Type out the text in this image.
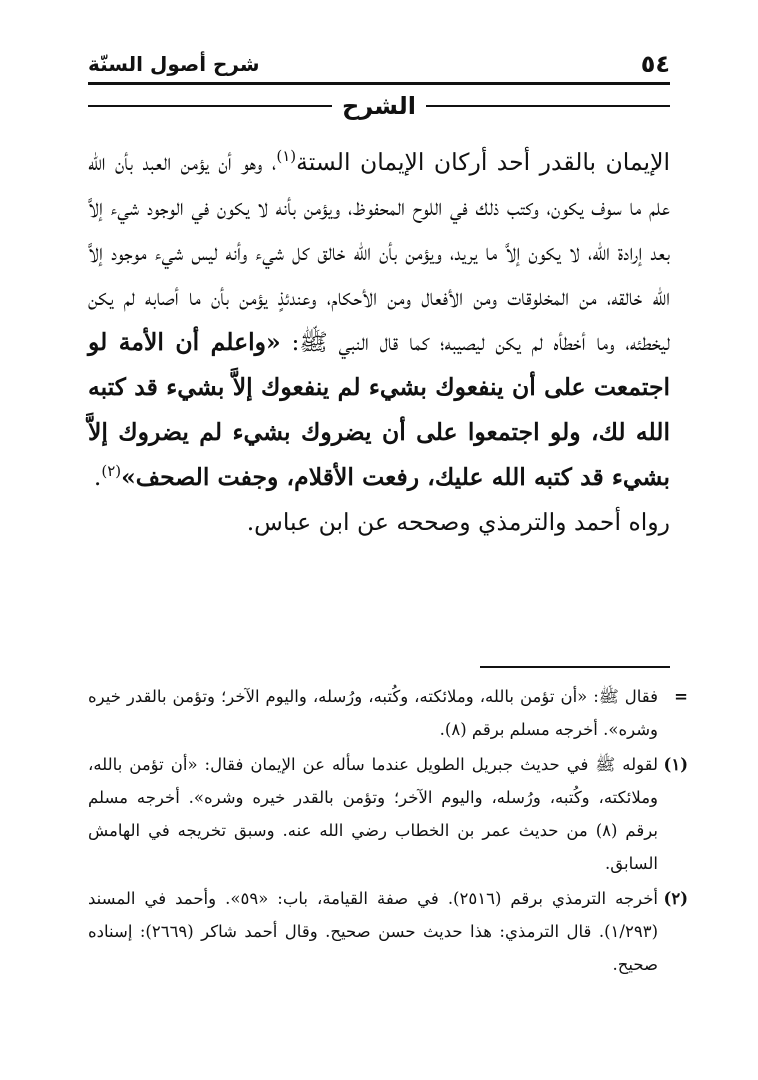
٥٤
شرح أصول السنّة
الشرح

الإيمان بالقدر أحد أركان الإيمان الستة$^{(١)}$، وهو أن يؤمن العبد بأن الله علم ما سوف يكون، وكتب ذلك في اللوح المحفوظ، ويؤمن بأنه لا يكون في الوجود شيء إلاَّ بعد إرادة الله، لا يكون إلاَّ ما يريد، ويؤمن بأن الله خالق كل شيء وأنه ليس شيء موجود إلاَّ الله خالقه، من المخلوقات ومن الأفعال ومن الأحكام، وعندئذٍ يؤمن بأن ما أصابه لم يكن ليخطئه، وما أخطأه لم يكن ليصيبه؛ كما قال النبي ﷺ: «واعلم أن الأمة لو اجتمعت على أن ينفعوك بشيء لم ينفعوك إلاَّ بشيء قد كتبه الله لك، ولو اجتمعوا على أن يضروك بشيء لم يضروك إلاَّ بشيء قد كتبه الله عليك، رفعت الأقلام، وجفت الصحف»$^{(٢)}$.

رواه أحمد والترمذي وصححه عن ابن عباس.

=
فقال ﷺ: «أن تؤمن بالله، وملائكته، وكُتبه، ورُسله، واليوم الآخر؛ وتؤمن بالقدر خيره وشره». أخرجه مسلم برقم (٨).
(١)
لقوله ﷺ في حديث جبريل الطويل عندما سأله عن الإيمان فقال: «أن تؤمن بالله، وملائكته، وكُتبه، ورُسله، واليوم الآخر؛ وتؤمن بالقدر خيره وشره». أخرجه مسلم برقم (٨) من حديث عمر بن الخطاب رضي الله عنه. وسبق تخريجه في الهامش السابق.
(٢)
أخرجه الترمذي برقم (٢٥١٦). في صفة القيامة، باب: «٥٩». وأحمد في المسند (١/٢٩٣). قال الترمذي: هذا حديث حسن صحيح. وقال أحمد شاكر (٢٦٦٩): إسناده صحيح.
